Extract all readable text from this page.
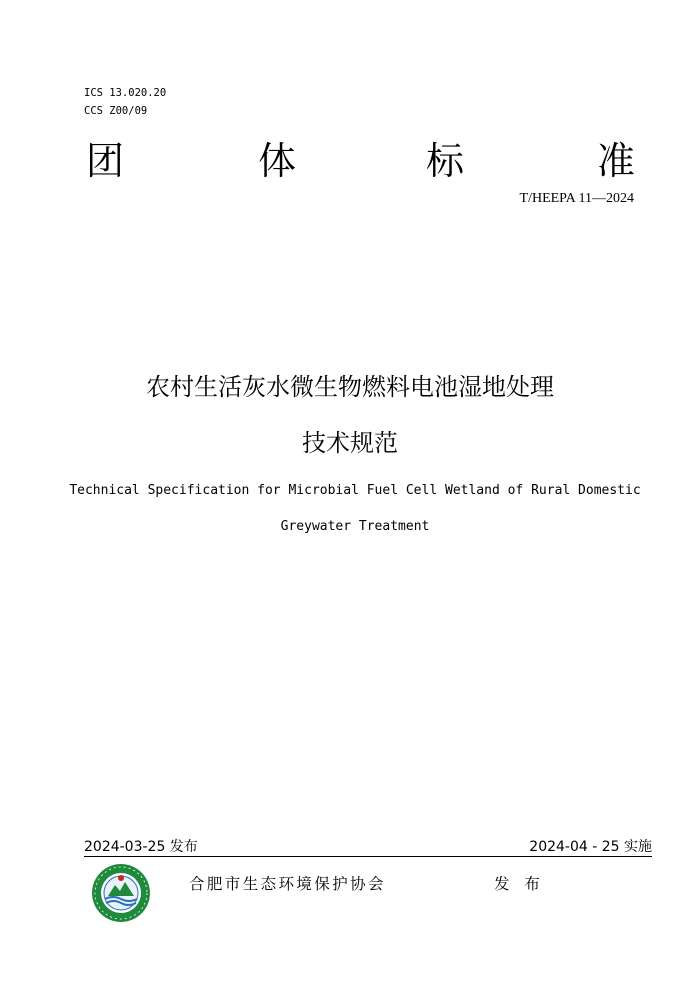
ICS 13.020.20
CCS Z00/09
团	体	标	准
T/HEEPA 11—2024
农村生活灰水微生物燃料电池湿地处理
技术规范
Technical Specification for Microbial Fuel Cell Wetland of Rural Domestic
Greywater Treatment
2024-03-25 发布	2024-04 - 25 实施
合肥市生态环境保护协会	发 布
